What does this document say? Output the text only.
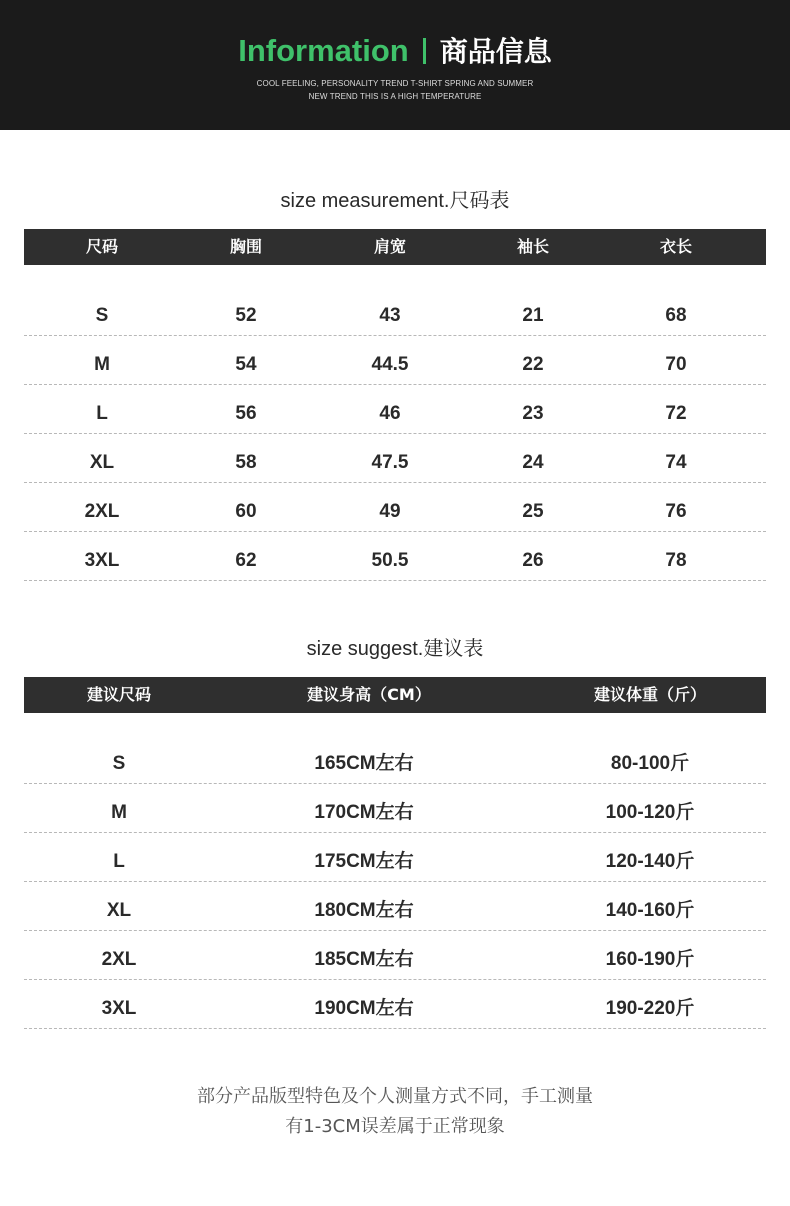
Information 商品信息
COOL FEELING, PERSONALITY TREND T-SHIRT SPRING AND SUMMER
NEW TREND THIS IS A HIGH TEMPERATURE
size measurement.尺码表
尺码	胸围	肩宽	袖长	衣长
S	52	43	21	68
M	54	44.5	22	70
L	56	46	23	72
XL	58	47.5	24	74
2XL	60	49	25	76
3XL	62	50.5	26	78
size suggest.建议表
建议尺码	建议身高（CM）	建议体重（斤）
S	165CM左右	80-100斤
M	170CM左右	100-120斤
L	175CM左右	120-140斤
XL	180CM左右	140-160斤
2XL	185CM左右	160-190斤
3XL	190CM左右	190-220斤
部分产品版型特色及个人测量方式不同，手工测量
有1-3CM误差属于正常现象
